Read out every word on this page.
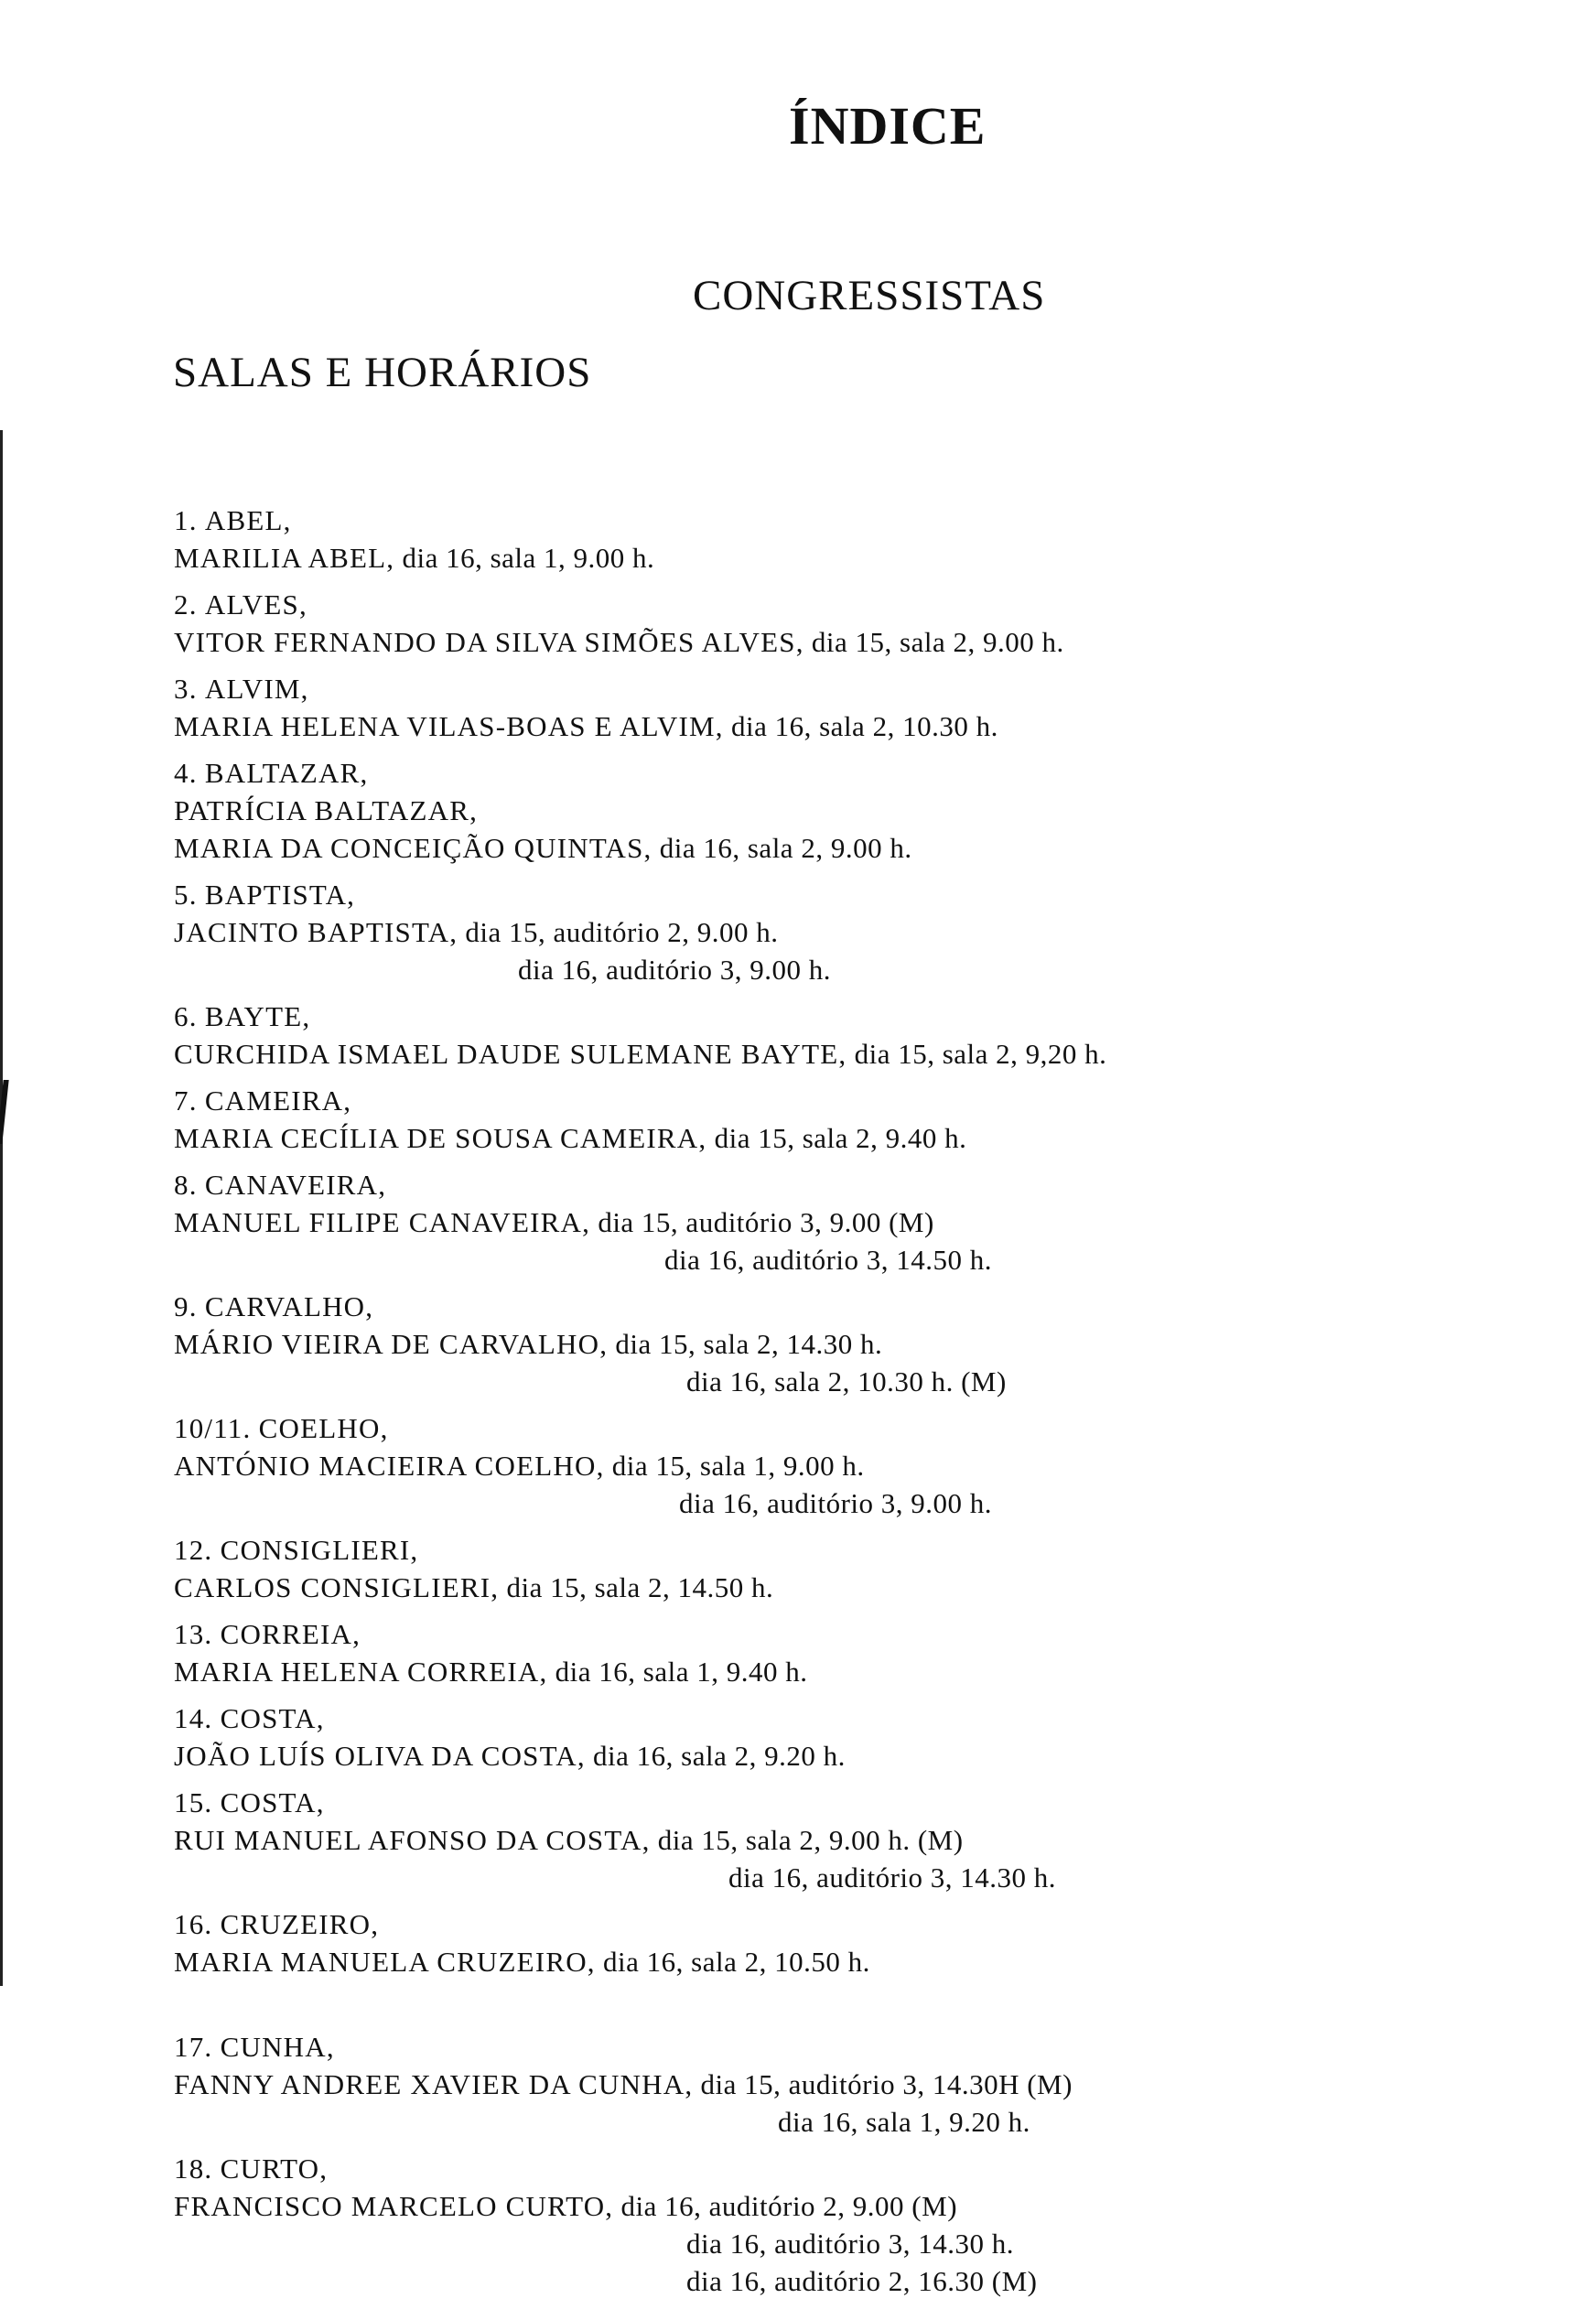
ÍNDICE
CONGRESSISTAS
SALAS E HORÁRIOS
1. ABEL,
MARILIA ABEL, dia 16, sala 1, 9.00 h.
2. ALVES,
VITOR FERNANDO DA SILVA SIMÕES ALVES, dia 15, sala 2, 9.00 h.
3. ALVIM,
MARIA HELENA VILAS-BOAS E ALVIM, dia 16, sala 2, 10.30 h.
4. BALTAZAR,
PATRÍCIA BALTAZAR,
MARIA DA CONCEIÇÃO QUINTAS, dia 16, sala 2, 9.00 h.
5. BAPTISTA,
JACINTO BAPTISTA, dia 15, auditório 2, 9.00 h.
dia 16, auditório 3, 9.00 h.
6. BAYTE,
CURCHIDA ISMAEL DAUDE SULEMANE BAYTE, dia 15, sala 2, 9,20 h.
7. CAMEIRA,
MARIA CECÍLIA DE SOUSA CAMEIRA, dia 15, sala 2, 9.40 h.
8. CANAVEIRA,
MANUEL FILIPE CANAVEIRA, dia 15, auditório 3, 9.00 (M)
dia 16, auditório 3, 14.50 h.
9. CARVALHO,
MÁRIO VIEIRA DE CARVALHO, dia 15, sala 2, 14.30 h.
dia 16, sala 2, 10.30 h. (M)
10/11. COELHO,
ANTÓNIO MACIEIRA COELHO, dia 15, sala 1, 9.00 h.
dia 16, auditório 3, 9.00 h.
12. CONSIGLIERI,
CARLOS CONSIGLIERI, dia 15, sala 2, 14.50 h.
13. CORREIA,
MARIA HELENA CORREIA, dia 16, sala 1, 9.40 h.
14. COSTA,
JOÃO LUÍS OLIVA DA COSTA, dia 16, sala 2, 9.20 h.
15. COSTA,
RUI MANUEL AFONSO DA COSTA, dia 15, sala 2, 9.00 h. (M)
dia 16, auditório 3, 14.30 h.
16. CRUZEIRO,
MARIA MANUELA CRUZEIRO, dia 16, sala 2, 10.50 h.
17. CUNHA,
FANNY ANDREE XAVIER DA CUNHA, dia 15, auditório 3, 14.30H (M)
dia 16, sala 1, 9.20 h.
18. CURTO,
FRANCISCO MARCELO CURTO, dia 16, auditório 2, 9.00 (M)
dia 16, auditório 3, 14.30 h.
dia 16, auditório 2, 16.30 (M)
